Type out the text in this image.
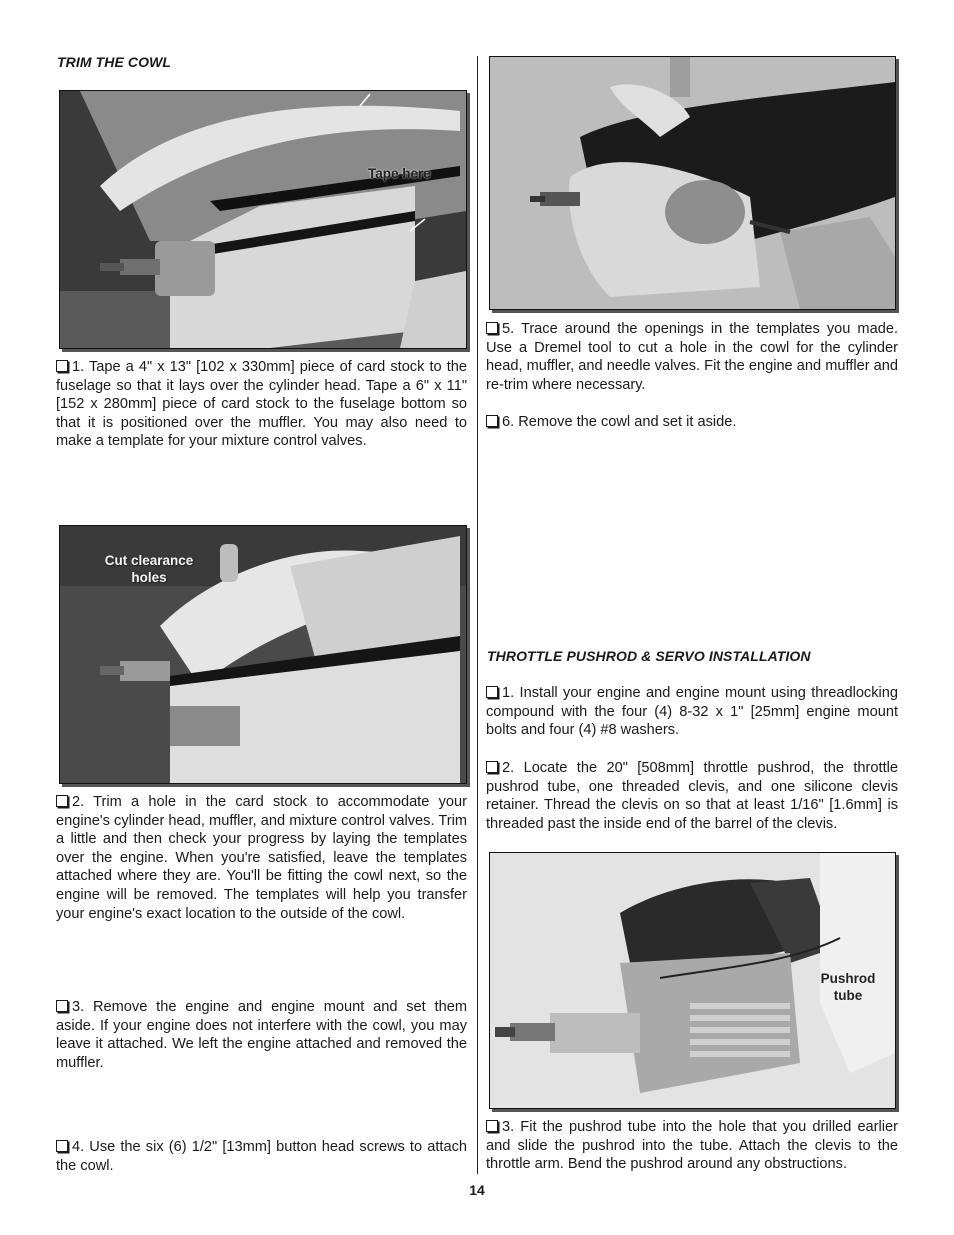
TRIM THE COWL
Tape here

1. Tape a 4" x 13" [102 x 330mm] piece of card stock to the fuselage so that it lays over the cylinder head. Tape a 6" x 11" [152 x 280mm] piece of card stock to the fuselage bottom so that it is positioned over the muffler. You may also need to make a template for your mixture control valves.

Cut clearance
holes

2. Trim a hole in the card stock to accommodate your engine's cylinder head, muffler, and mixture control valves. Trim a little and then check your progress by laying the templates over the engine. When you're satisfied, leave the templates attached where they are. You'll be fitting the cowl next, so the engine will be removed. The templates will help you transfer your engine's exact location to the outside of the cowl.

3. Remove the engine and engine mount and set them aside. If your engine does not interfere with the cowl, you may leave it attached. We left the engine attached and removed the muffler.

4. Use the six (6) 1/2" [13mm] button head screws to attach the cowl.

5. Trace around the openings in the templates you made. Use a Dremel tool to cut a hole in the cowl for the cylinder head, muffler, and needle valves. Fit the engine and muffler and re-trim where necessary.

6. Remove the cowl and set it aside.

THROTTLE PUSHROD & SERVO INSTALLATION

1. Install your engine and engine mount using threadlocking compound with the four (4) 8-32 x 1" [25mm] engine mount bolts and four (4) #8 washers.

2. Locate the 20" [508mm] throttle pushrod, the throttle pushrod tube, one threaded clevis, and one silicone clevis retainer. Thread the clevis on so that at least 1/16" [1.6mm] is threaded past the inside end of the barrel of the clevis.

Pushrod
tube

3. Fit the pushrod tube into the hole that you drilled earlier and slide the pushrod into the tube. Attach the clevis to the throttle arm. Bend the pushrod around any obstructions.

14
